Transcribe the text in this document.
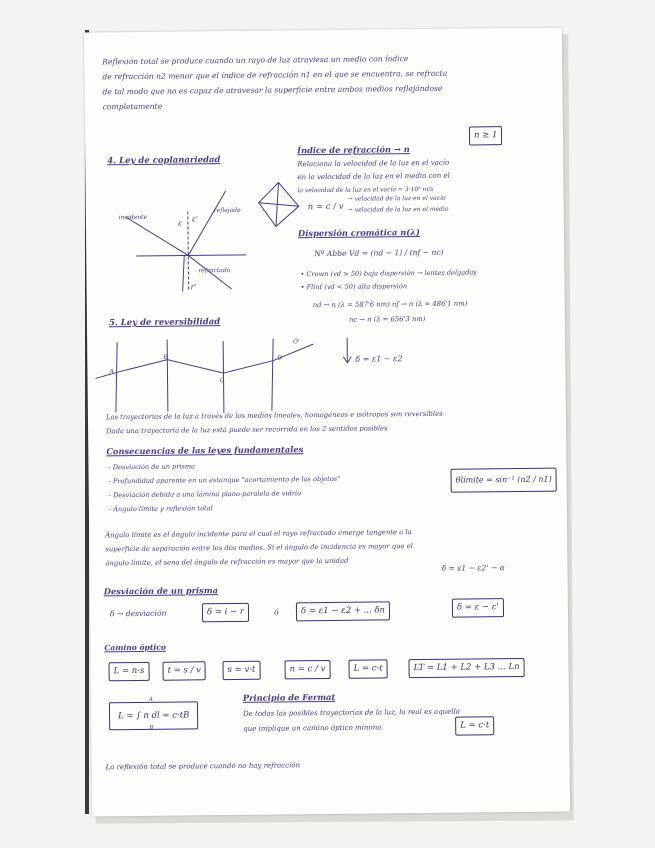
Reflexión total se produce cuando un rayo de luz atraviesa un medio con índice

de refracción n2 menor que el índice de refracción n1 en el que se encuentra, se refracta

de tal modo que no es capaz de atravesar la superficie entre ambos medios reflejándose

completamente

4. Ley de coplanariedad
incidente
reflejado
refractado
ε ε'
r'
Índice de refracción → n
n ≥ 1

Relaciona la velocidad de la luz en el vacío

en la velocidad de la luz en el medio con el

la velocidad de la luz en el vacío = 3·10⁸ m/s

n = c / v

→ velocidad de la luz en el vacío

→ velocidad de la luz en el medio

Dispersión cromática n(λ)
Nº Abbe Vd = (nd − 1) / (nf − nc)

• Crown (vd > 50) baja dispersión → lentes delgadas

• Flint (vd < 50) alta dispersión

nd → n (λ = 587'6 nm) nf → n (λ = 486'1 nm)

nc → n (λ = 656'3 nm)

δ = ε1 − ε2
5. Ley de reversibilidad
A
B
C
D
O'

Las trayectorias de la luz a través de los medios lineales, homogéneos e isótropos son reversibles

Dada una trayectoria de la luz está puede ser recorrida en los 2 sentidos posibles

Consecuencias de las leyes fundamentales

- Desviación de un prisma

- Profundidad aparente en un estanque "acortamiento de los objetos"

- Desviación debida a una lámina plano-paralela de vidrio

- Ángulo límite y reflexión total

θlímite = sin⁻¹ (n2 / n1)

Ángulo límite es el ángulo incidente para el cual el rayo refractado emerge tangente a la

superficie de separación entre los dos medios. Si el ángulo de incidencia es mayor que el

ángulo límite, el seno del ángulo de refracción es mayor que la unidad

δ = ε1 − ε2' − α
Desviación de un prisma
δ → desviación	δ = i − r	ó	δ = ε1 − ε2 + ... δn	δ = ε − ε'
Camino óptico
L = n·s	t = s / v	s = v·t	n = c / v	L = c·t	LT = L1 + L2 + L3 ... Ln
L = ∫ n dl = c·tB
A
B
Principio de Fermat

De todas las posibles trayectorias de la luz, la real es aquella

que implique un camino óptico mínimo	L = c·t
La reflexión total se produce cuando no hay refracción
